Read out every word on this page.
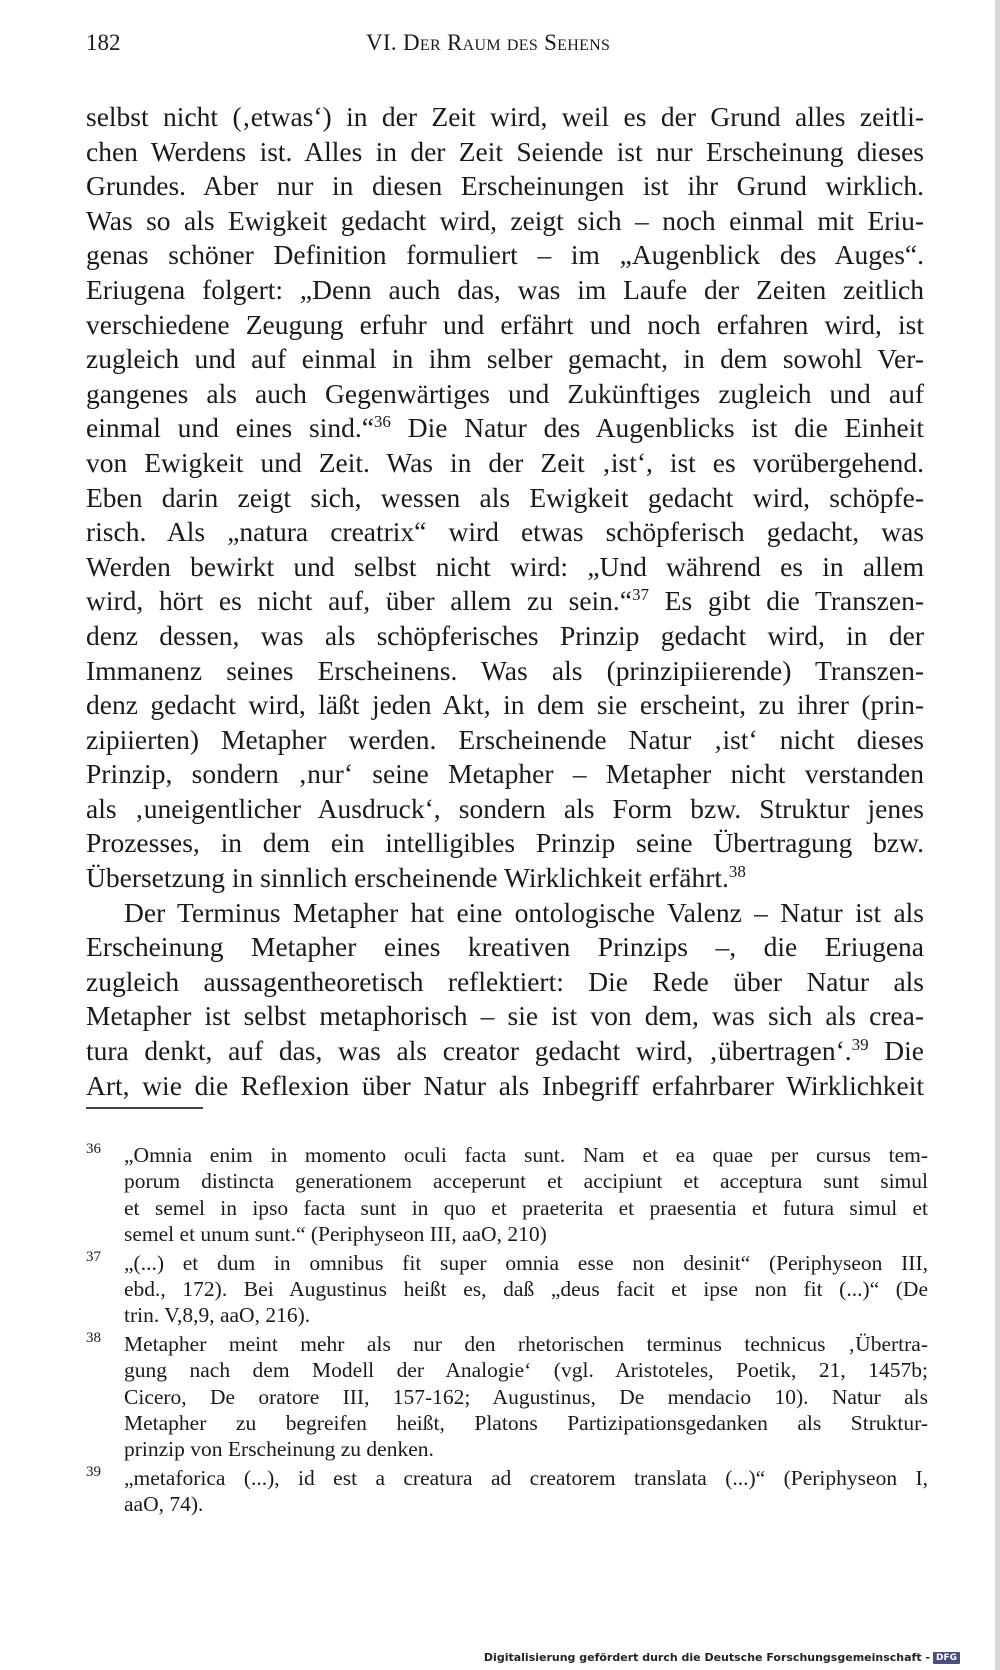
182	VI. Der Raum des Sehens
selbst nicht (‚etwas‘) in der Zeit wird, weil es der Grund alles zeitli-
chen Werdens ist. Alles in der Zeit Seiende ist nur Erscheinung dieses
Grundes. Aber nur in diesen Erscheinungen ist ihr Grund wirklich.
Was so als Ewigkeit gedacht wird, zeigt sich – noch einmal mit Eriu-
genas schöner Definition formuliert – im „Augenblick des Auges“.
Eriugena folgert: „Denn auch das, was im Laufe der Zeiten zeitlich
verschiedene Zeugung erfuhr und erfährt und noch erfahren wird, ist
zugleich und auf einmal in ihm selber gemacht, in dem sowohl Ver-
gangenes als auch Gegenwärtiges und Zukünftiges zugleich und auf
einmal und eines sind.“$^{36}$ Die Natur des Augenblicks ist die Einheit
von Ewigkeit und Zeit. Was in der Zeit ‚ist‘, ist es vorübergehend.
Eben darin zeigt sich, wessen als Ewigkeit gedacht wird, schöpfe-
risch. Als „natura creatrix“ wird etwas schöpferisch gedacht, was
Werden bewirkt und selbst nicht wird: „Und während es in allem
wird, hört es nicht auf, über allem zu sein.“$^{37}$ Es gibt die Transzen-
denz dessen, was als schöpferisches Prinzip gedacht wird, in der
Immanenz seines Erscheinens. Was als (prinzipiierende) Transzen-
denz gedacht wird, läßt jeden Akt, in dem sie erscheint, zu ihrer (prin-
zipiierten) Metapher werden. Erscheinende Natur ‚ist‘ nicht dieses
Prinzip, sondern ‚nur‘ seine Metapher – Metapher nicht verstanden
als ‚uneigentlicher Ausdruck‘, sondern als Form bzw. Struktur jenes
Prozesses, in dem ein intelligibles Prinzip seine Übertragung bzw.
Übersetzung in sinnlich erscheinende Wirklichkeit erfährt.$^{38}$
Der Terminus Metapher hat eine ontologische Valenz – Natur ist als
Erscheinung Metapher eines kreativen Prinzips –, die Eriugena
zugleich aussagentheoretisch reflektiert: Die Rede über Natur als
Metapher ist selbst metaphorisch – sie ist von dem, was sich als crea-
tura denkt, auf das, was als creator gedacht wird, ‚übertragen‘.$^{39}$ Die
Art, wie die Reflexion über Natur als Inbegriff erfahrbarer Wirklichkeit
36 „Omnia enim in momento oculi facta sunt. Nam et ea quae per cursus tem-
porum distincta generationem acceperunt et accipiunt et acceptura sunt simul
et semel in ipso facta sunt in quo et praeterita et praesentia et futura simul et
semel et unum sunt.“ (Periphyseon III, aaO, 210)
37 „(...) et dum in omnibus fit super omnia esse non desinit“ (Periphyseon III,
ebd., 172). Bei Augustinus heißt es, daß „deus facit et ipse non fit (...)“ (De
trin. V,8,9, aaO, 216).
38 Metapher meint mehr als nur den rhetorischen terminus technicus ‚Übertra-
gung nach dem Modell der Analogie‘ (vgl. Aristoteles, Poetik, 21, 1457b;
Cicero, De oratore III, 157-162; Augustinus, De mendacio 10). Natur als
Metapher zu begreifen heißt, Platons Partizipationsgedanken als Struktur-
prinzip von Erscheinung zu denken.
39 „metaforica (...), id est a creatura ad creatorem translata (...)“ (Periphyseon I,
aaO, 74).
Digitalisierung gefördert durch die Deutsche Forschungsgemeinschaft - DFG
